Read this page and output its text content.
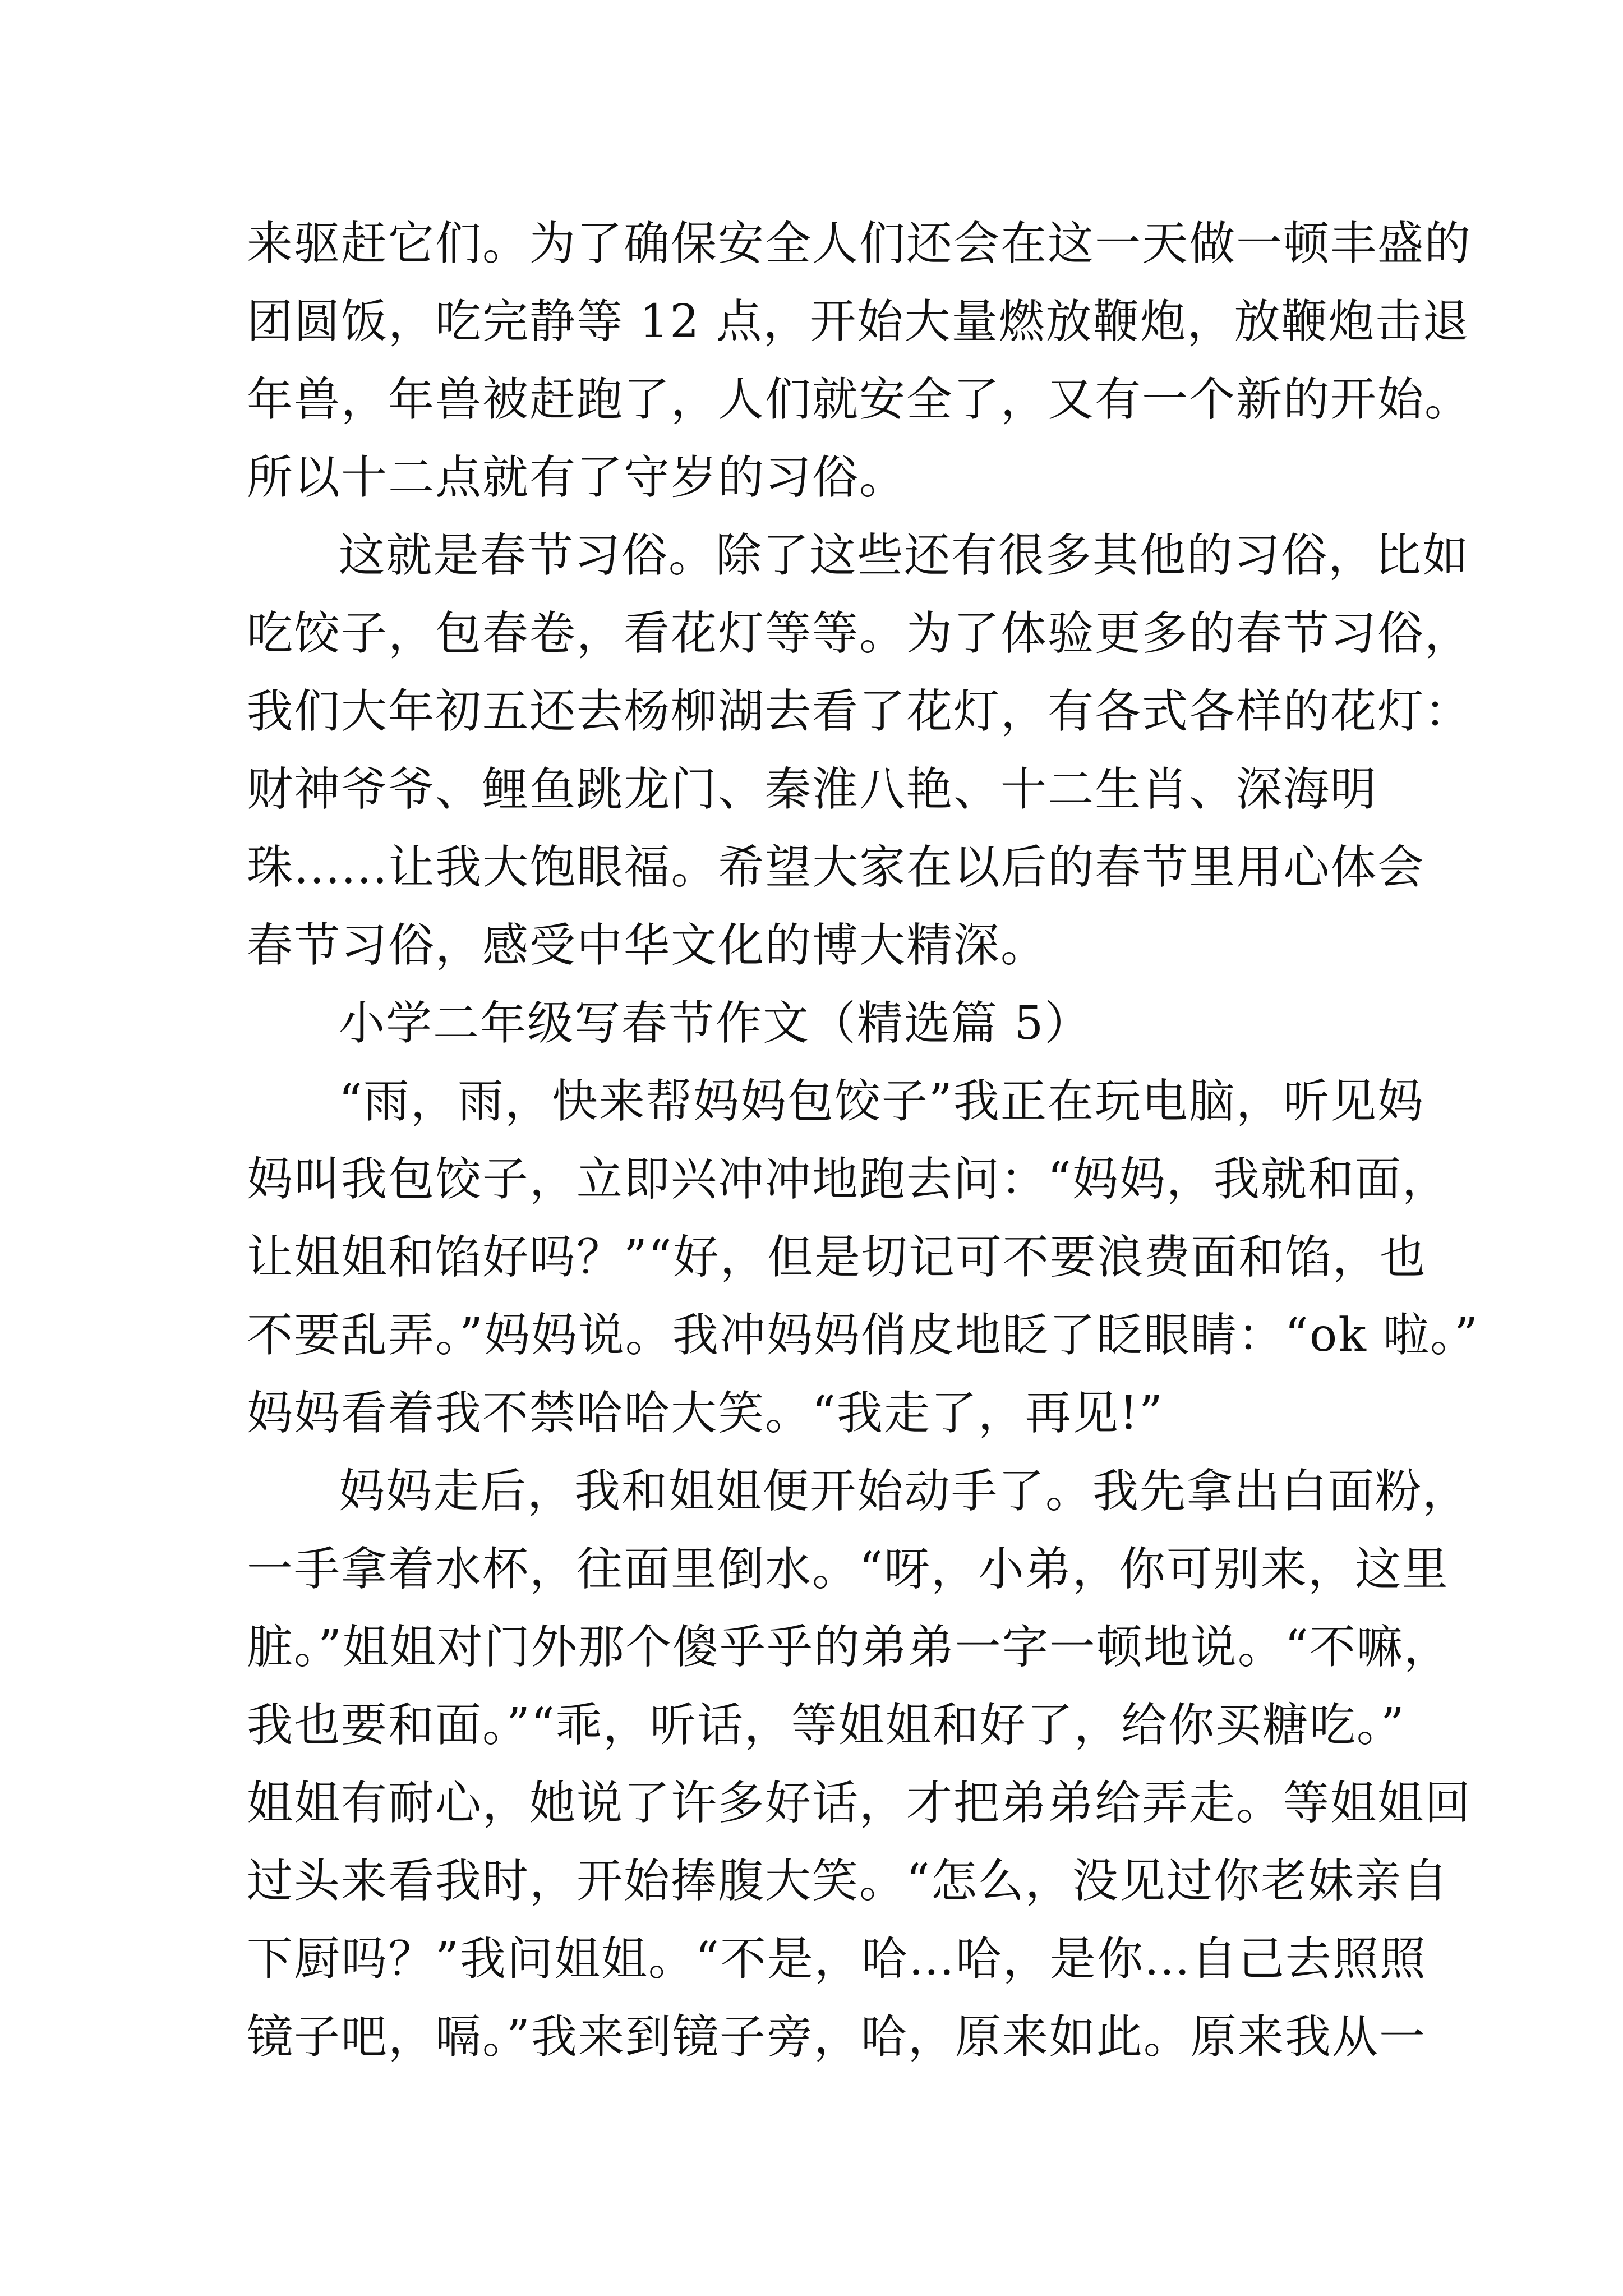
来驱赶它们。为了确保安全人们还会在这一天做一顿丰盛的
团圆饭，吃完静等 12 点，开始大量燃放鞭炮，放鞭炮击退
年兽，年兽被赶跑了，人们就安全了，又有一个新的开始。
所以十二点就有了守岁的习俗。
这就是春节习俗。除了这些还有很多其他的习俗，比如
吃饺子，包春卷，看花灯等等。为了体验更多的春节习俗，
我们大年初五还去杨柳湖去看了花灯，有各式各样的花灯：
财神爷爷、鲤鱼跳龙门、秦淮八艳、十二生肖、深海明
珠......让我大饱眼福。希望大家在以后的春节里用心体会
春节习俗，感受中华文化的博大精深。
小学二年级写春节作文（精选篇 5）
“雨，雨，快来帮妈妈包饺子”我正在玩电脑，听见妈
妈叫我包饺子，立即兴冲冲地跑去问：“妈妈，我就和面，
让姐姐和馅好吗？”“好，但是切记可不要浪费面和馅，也
不要乱弄。”妈妈说。我冲妈妈俏皮地眨了眨眼睛：“ok 啦。”
妈妈看着我不禁哈哈大笑。“我走了，再见!”
妈妈走后，我和姐姐便开始动手了。我先拿出白面粉，
一手拿着水杯，往面里倒水。“呀，小弟，你可别来，这里
脏。”姐姐对门外那个傻乎乎的弟弟一字一顿地说。“不嘛，
我也要和面。”“乖，听话，等姐姐和好了，给你买糖吃。”
姐姐有耐心，她说了许多好话，才把弟弟给弄走。等姐姐回
过头来看我时，开始捧腹大笑。“怎么，没见过你老妹亲自
下厨吗？”我问姐姐。“不是，哈…哈，是你…自己去照照
镜子吧，嗝。”我来到镜子旁，哈，原来如此。原来我从一
